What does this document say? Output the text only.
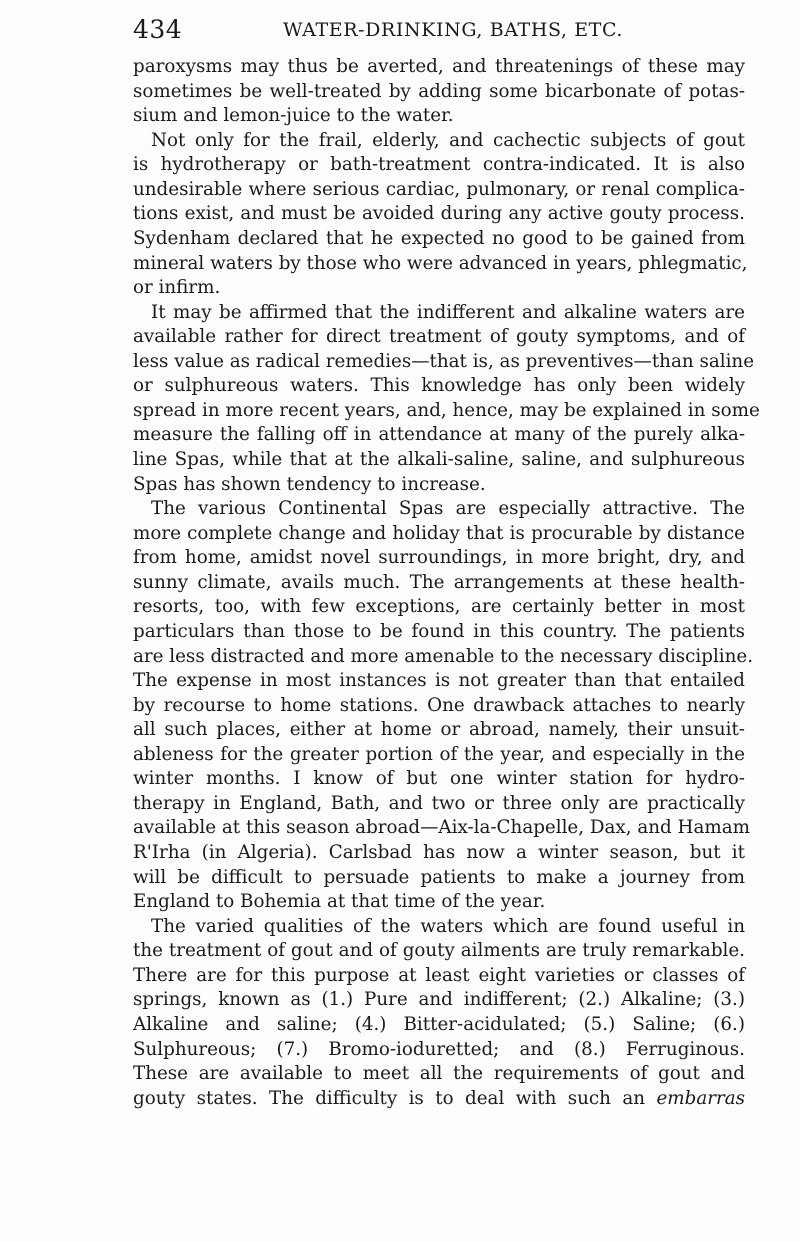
434	WATER-DRINKING, BATHS, ETC.
paroxysms may thus be averted, and threatenings of these may
sometimes be well-treated by adding some bicarbonate of potas-
sium and lemon-juice to the water.
Not only for the frail, elderly, and cachectic subjects of gout
is hydrotherapy or bath-treatment contra-indicated. It is also
undesirable where serious cardiac, pulmonary, or renal complica-
tions exist, and must be avoided during any active gouty process.
Sydenham declared that he expected no good to be gained from
mineral waters by those who were advanced in years, phlegmatic,
or infirm.
It may be affirmed that the indifferent and alkaline waters are
available rather for direct treatment of gouty symptoms, and of
less value as radical remedies—that is, as preventives—than saline
or sulphureous waters. This knowledge has only been widely
spread in more recent years, and, hence, may be explained in some
measure the falling off in attendance at many of the purely alka-
line Spas, while that at the alkali-saline, saline, and sulphureous
Spas has shown tendency to increase.
The various Continental Spas are especially attractive. The
more complete change and holiday that is procurable by distance
from home, amidst novel surroundings, in more bright, dry, and
sunny climate, avails much. The arrangements at these health-
resorts, too, with few exceptions, are certainly better in most
particulars than those to be found in this country. The patients
are less distracted and more amenable to the necessary discipline.
The expense in most instances is not greater than that entailed
by recourse to home stations. One drawback attaches to nearly
all such places, either at home or abroad, namely, their unsuit-
ableness for the greater portion of the year, and especially in the
winter months. I know of but one winter station for hydro-
therapy in England, Bath, and two or three only are practically
available at this season abroad—Aix-la-Chapelle, Dax, and Hamam
R'Irha (in Algeria). Carlsbad has now a winter season, but it
will be difficult to persuade patients to make a journey from
England to Bohemia at that time of the year.
The varied qualities of the waters which are found useful in
the treatment of gout and of gouty ailments are truly remarkable.
There are for this purpose at least eight varieties or classes of
springs, known as (1.) Pure and indifferent; (2.) Alkaline; (3.)
Alkaline and saline; (4.) Bitter-acidulated; (5.) Saline; (6.)
Sulphureous; (7.) Bromo-ioduretted; and (8.) Ferruginous.
These are available to meet all the requirements of gout and
gouty states. The difficulty is to deal with such an embarras
